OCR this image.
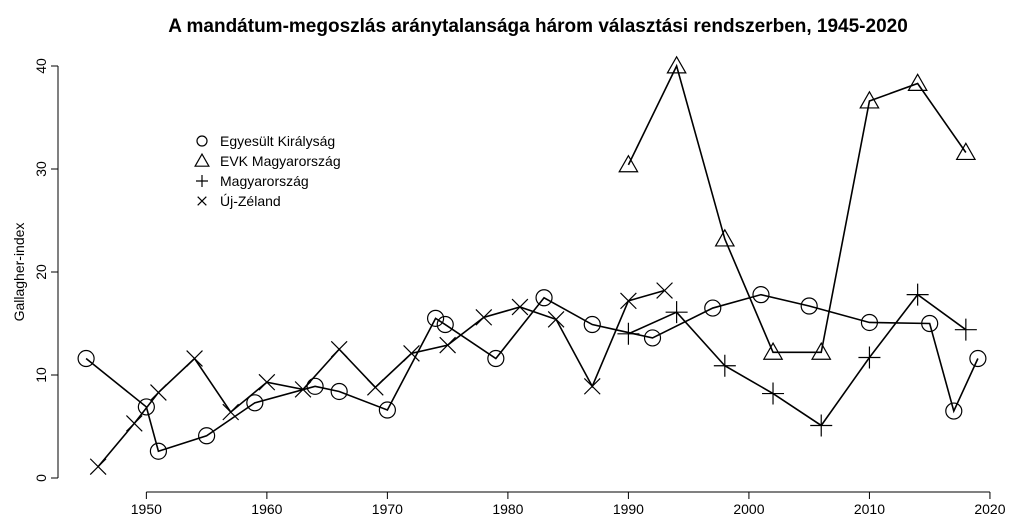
A mandátum-megoszlás aránytalansága három választási rendszerben, 1945-2020
Gallagher-index
1950	1960	1970	1980	1990	2000	2010	2020
0
10
20
30
40
Egyesült Királyság
EVK Magyarország
Magyarország
Új-Zéland
